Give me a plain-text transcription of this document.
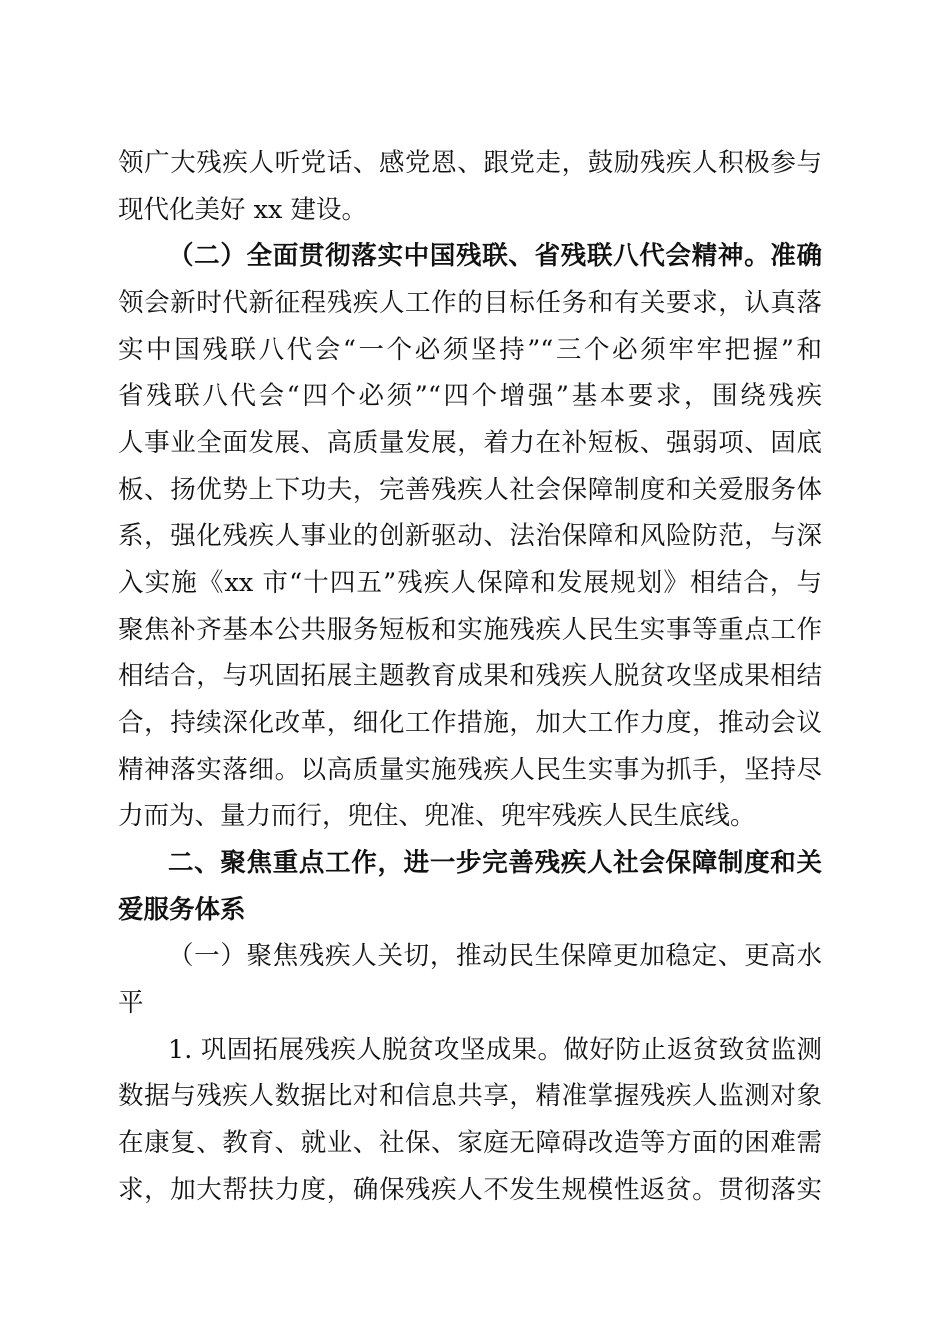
领广大残疾人听党话、感党恩、跟党走，鼓励残疾人积极参与
现代化美好 xx 建设。
（二）全面贯彻落实中国残联、省残联八代会精神。准确
领会新时代新征程残疾人工作的目标任务和有关要求，认真落
实中国残联八代会“一个必须坚持”“三个必须牢牢把握”和
省残联八代会“四个必须”“四个增强”基本要求，围绕残疾
人事业全面发展、高质量发展，着力在补短板、强弱项、固底
板、扬优势上下功夫，完善残疾人社会保障制度和关爱服务体
系，强化残疾人事业的创新驱动、法治保障和风险防范，与深
入实施《xx 市“十四五”残疾人保障和发展规划》相结合，与
聚焦补齐基本公共服务短板和实施残疾人民生实事等重点工作
相结合，与巩固拓展主题教育成果和残疾人脱贫攻坚成果相结
合，持续深化改革，细化工作措施，加大工作力度，推动会议
精神落实落细。以高质量实施残疾人民生实事为抓手，坚持尽
力而为、量力而行，兜住、兜准、兜牢残疾人民生底线。
二、聚焦重点工作，进一步完善残疾人社会保障制度和关
爱服务体系
（一）聚焦残疾人关切，推动民生保障更加稳定、更高水
平
1. 巩固拓展残疾人脱贫攻坚成果。做好防止返贫致贫监测
数据与残疾人数据比对和信息共享，精准掌握残疾人监测对象
在康复、教育、就业、社保、家庭无障碍改造等方面的困难需
求，加大帮扶力度，确保残疾人不发生规模性返贫。贯彻落实
